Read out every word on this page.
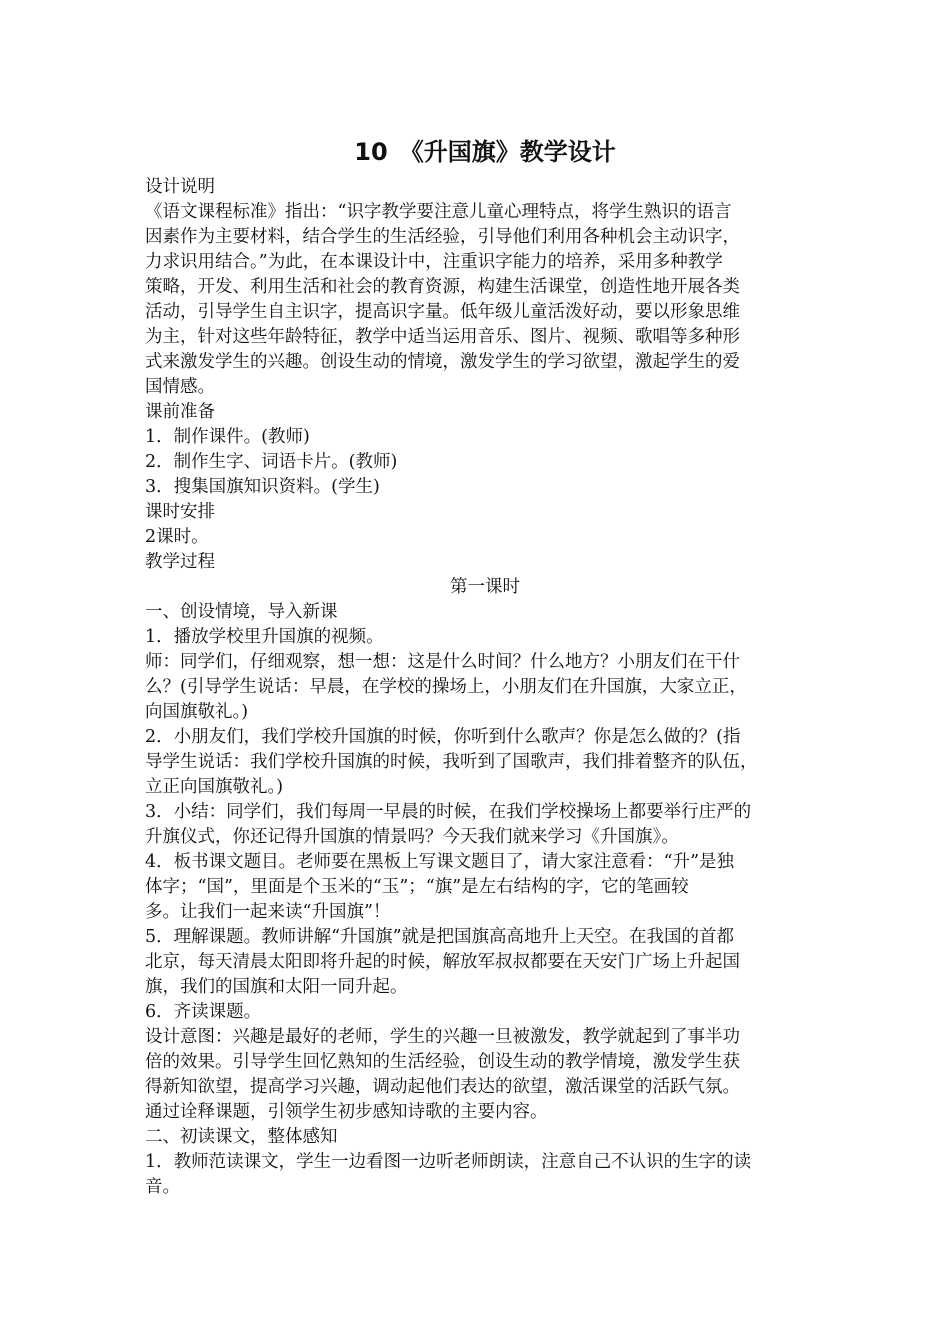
10　《升国旗》教学设计
设计说明
《语文课程标准》指出：“识字教学要注意儿童心理特点，将学生熟识的语言
因素作为主要材料，结合学生的生活经验，引导他们利用各种机会主动识字，
力求识用结合。”为此，在本课设计中，注重识字能力的培养，采用多种教学
策略，开发、利用生活和社会的教育资源，构建生活课堂，创造性地开展各类
活动，引导学生自主识字，提高识字量。低年级儿童活泼好动，要以形象思维
为主，针对这些年龄特征，教学中适当运用音乐、图片、视频、歌唱等多种形
式来激发学生的兴趣。创设生动的情境，激发学生的学习欲望，激起学生的爱
国情感。
课前准备
1．制作课件。(教师)
2．制作生字、词语卡片。(教师)
3．搜集国旗知识资料。(学生)
课时安排
2课时。
教学过程
第一课时
一、创设情境，导入新课
1．播放学校里升国旗的视频。
师：同学们，仔细观察，想一想：这是什么时间？什么地方？小朋友们在干什
么？(引导学生说话：早晨，在学校的操场上，小朋友们在升国旗，大家立正，
向国旗敬礼。)
2．小朋友们，我们学校升国旗的时候，你听到什么歌声？你是怎么做的？(指
导学生说话：我们学校升国旗的时候，我听到了国歌声，我们排着整齐的队伍，
立正向国旗敬礼。)
3．小结：同学们，我们每周一早晨的时候，在我们学校操场上都要举行庄严的
升旗仪式，你还记得升国旗的情景吗？今天我们就来学习《升国旗》。
4．板书课文题目。老师要在黑板上写课文题目了，请大家注意看：“升”是独
体字；“国”，里面是个玉米的“玉”；“旗”是左右结构的字，它的笔画较
多。让我们一起来读“升国旗”！
5．理解课题。教师讲解“升国旗”就是把国旗高高地升上天空。在我国的首都
北京，每天清晨太阳即将升起的时候，解放军叔叔都要在天安门广场上升起国
旗，我们的国旗和太阳一同升起。
6．齐读课题。
设计意图：兴趣是最好的老师，学生的兴趣一旦被激发，教学就起到了事半功
倍的效果。引导学生回忆熟知的生活经验，创设生动的教学情境，激发学生获
得新知欲望，提高学习兴趣，调动起他们表达的欲望，激活课堂的活跃气氛。
通过诠释课题，引领学生初步感知诗歌的主要内容。
二、初读课文，整体感知
1．教师范读课文，学生一边看图一边听老师朗读，注意自己不认识的生字的读
音。
